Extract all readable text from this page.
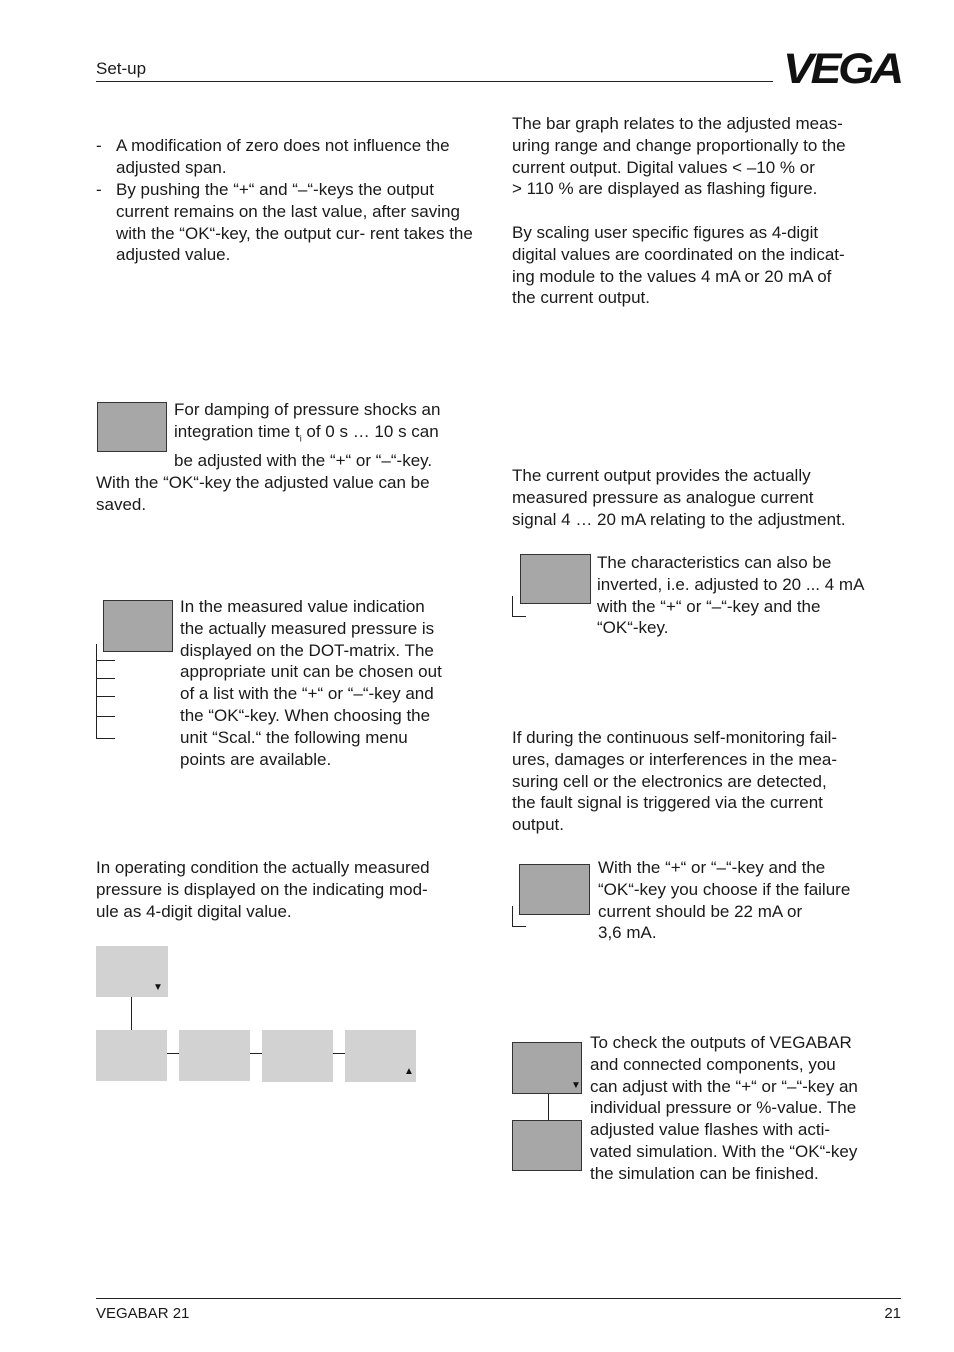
Set-up	VEGA
- A modification of zero does not influence the adjusted span.
- By pushing the “+“ and “–“-keys the output current remains on the last value, after saving with the “OK“-key, the output cur- rent takes the adjusted value.
For damping of pressure shocks an
integration time $t_i$ of 0 s … 10 s can
be adjusted with the “+“ or “–“-key.
With the “OK“-key the adjusted value can be
saved.
In the measured value indication
the actually measured pressure is
displayed on the DOT-matrix. The
appropriate unit can be chosen out
of a list with the “+“ or “–“-key and
the “OK“-key. When choosing the
unit “Scal.“ the following menu
points are available.
In operating condition the actually measured
pressure is displayed on the indicating mod-
ule as 4-digit digital value.
▼
▲
The bar graph relates to the adjusted meas-
uring range and change proportionally to the
current output. Digital values < –10 % or
> 110 % are displayed as flashing figure.
By scaling user specific figures as 4-digit
digital values are coordinated on the indicat-
ing module to the values 4 mA or 20 mA of
the current output.
The current output provides the actually
measured pressure as analogue current
signal 4 … 20 mA relating to the adjustment.
The characteristics can also be
inverted, i.e. adjusted to 20 ... 4 mA
with the “+“ or “–“-key and the
“OK“-key.
If during the continuous self-monitoring fail-
ures, damages or interferences in the mea-
suring cell or the electronics are detected,
the fault signal is triggered via the current
output.
With the “+“ or “–“-key and the
“OK“-key you choose if the failure
current should be 22 mA or
3,6 mA.
▼
To check the outputs of VEGABAR
and connected components, you
can adjust with the “+“ or “–“-key an
individual pressure or %-value. The
adjusted value flashes with acti-
vated simulation. With the “OK“-key
the simulation can be finished.
VEGABAR 21	21
